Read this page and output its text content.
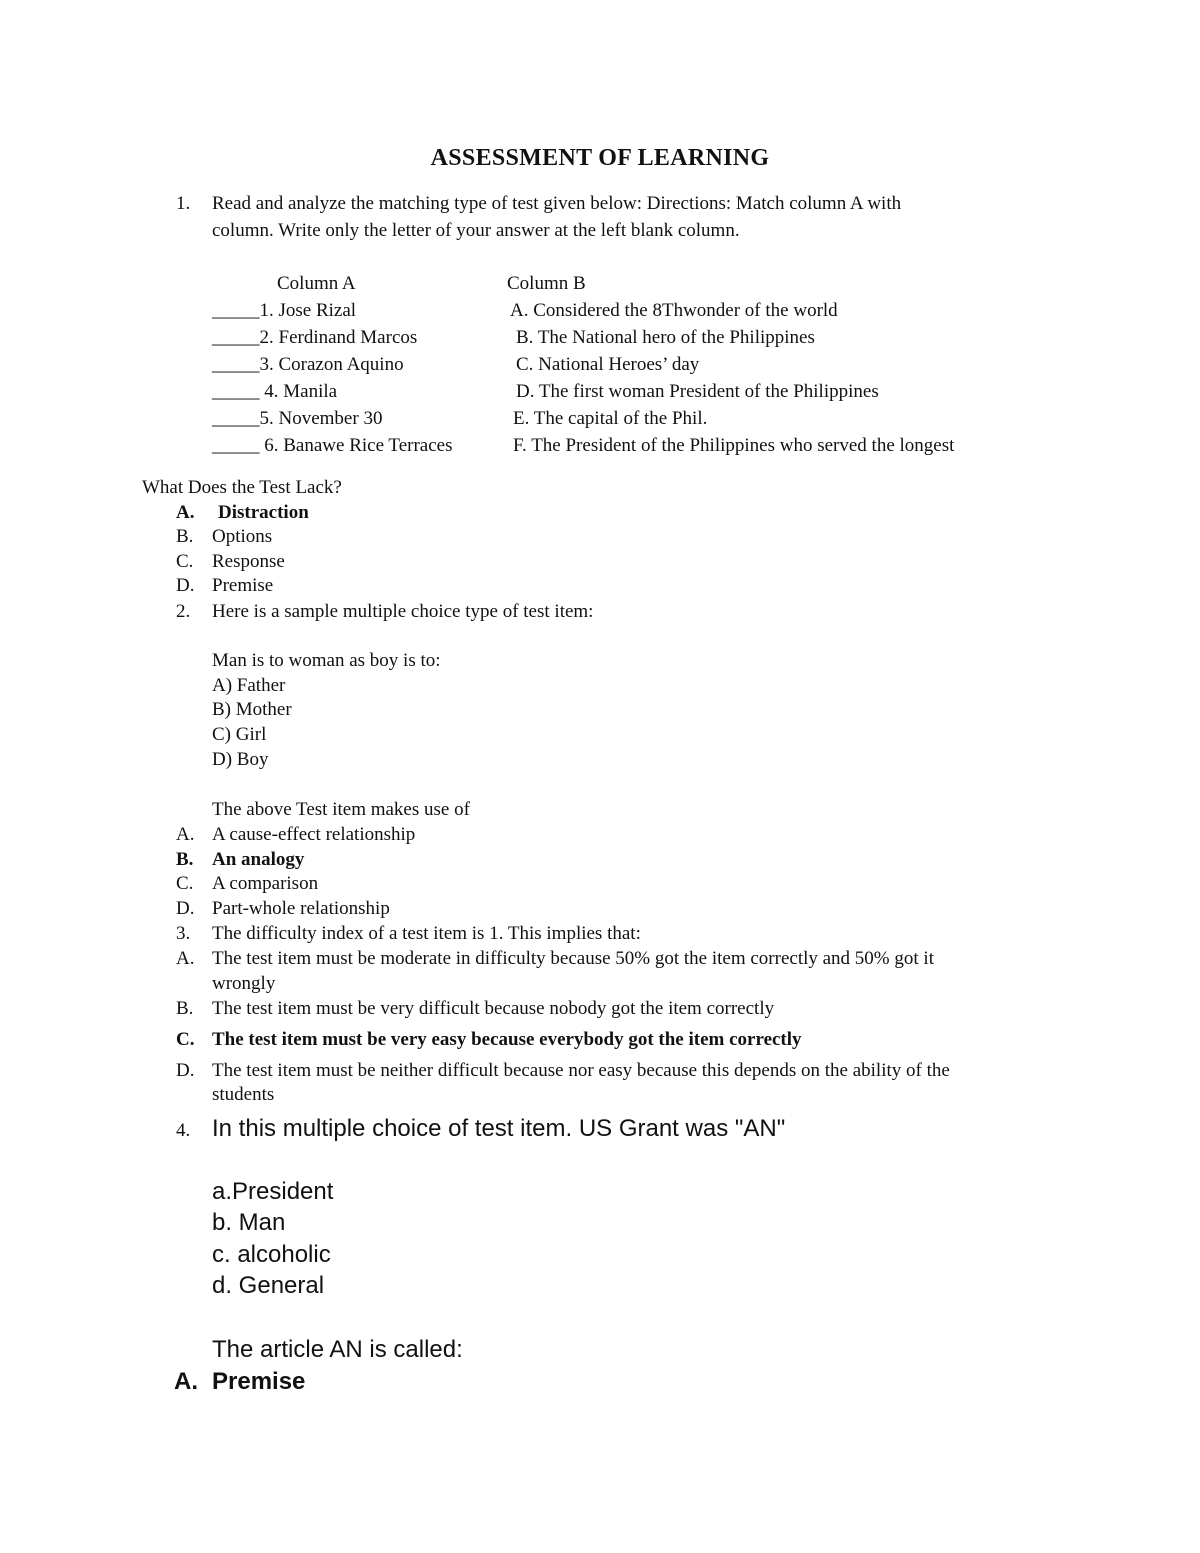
ASSESSMENT OF LEARNING
1. Read and analyze the matching type of test given below: Directions: Match column A with
column. Write only the letter of your answer at the left blank column.
Column A	Column B
_____1. Jose Rizal	A. Considered the 8Thwonder of the world
_____2. Ferdinand Marcos	B. The National hero of the Philippines
_____3. Corazon Aquino	C. National Heroes’ day
_____ 4. Manila	D. The first woman President of the Philippines
_____5. November 30	E. The capital of the Phil.
_____ 6. Banawe Rice Terraces	F. The President of the Philippines who served the longest
What Does the Test Lack?
A. Distraction
B. Options
C. Response
D. Premise
2. Here is a sample multiple choice type of test item:
Man is to woman as boy is to:
A) Father
B) Mother
C) Girl
D) Boy
The above Test item makes use of
A. A cause-effect relationship
B. An analogy
C. A comparison
D. Part-whole relationship
3. The difficulty index of a test item is 1. This implies that:
A. The test item must be moderate in difficulty because 50% got the item correctly and 50% got it
wrongly
B. The test item must be very difficult because nobody got the item correctly
C. The test item must be very easy because everybody got the item correctly
D. The test item must be neither difficult because nor easy because this depends on the ability of the
students
4. In this multiple choice of test item. US Grant was "AN"
a.President
b. Man
c. alcoholic
d. General
The article AN is called:
A. Premise
